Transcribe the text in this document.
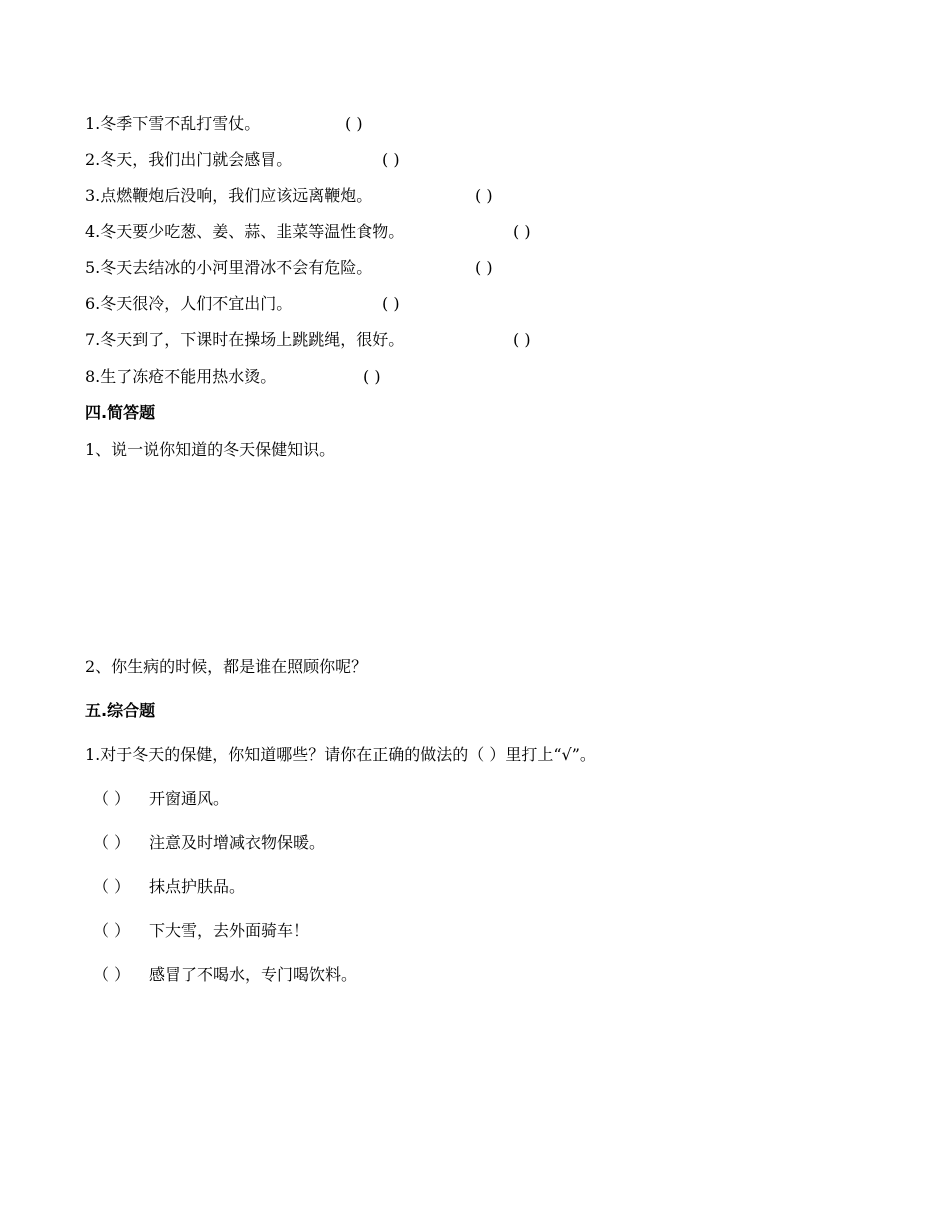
1.冬季下雪不乱打雪仗。	( )
2.冬天，我们出门就会感冒。	( )
3.点燃鞭炮后没响，我们应该远离鞭炮。	( )
4.冬天要少吃葱、姜、蒜、韭菜等温性食物。	( )
5.冬天去结冰的小河里滑冰不会有危险。	( )
6.冬天很冷，人们不宜出门。	( )
7.冬天到了，下课时在操场上跳跳绳，很好。	( )
8.生了冻疮不能用热水烫。	( )
四.简答题
1、说一说你知道的冬天保健知识。
2、你生病的时候，都是谁在照顾你呢？
五.综合题
1.对于冬天的保健，你知道哪些？请你在正确的做法的（ ）里打上“√”。
（ ） 开窗通风。
（ ） 注意及时增减衣物保暖。
（ ） 抹点护肤品。
（ ） 下大雪，去外面骑车！
（ ） 感冒了不喝水，专门喝饮料。
